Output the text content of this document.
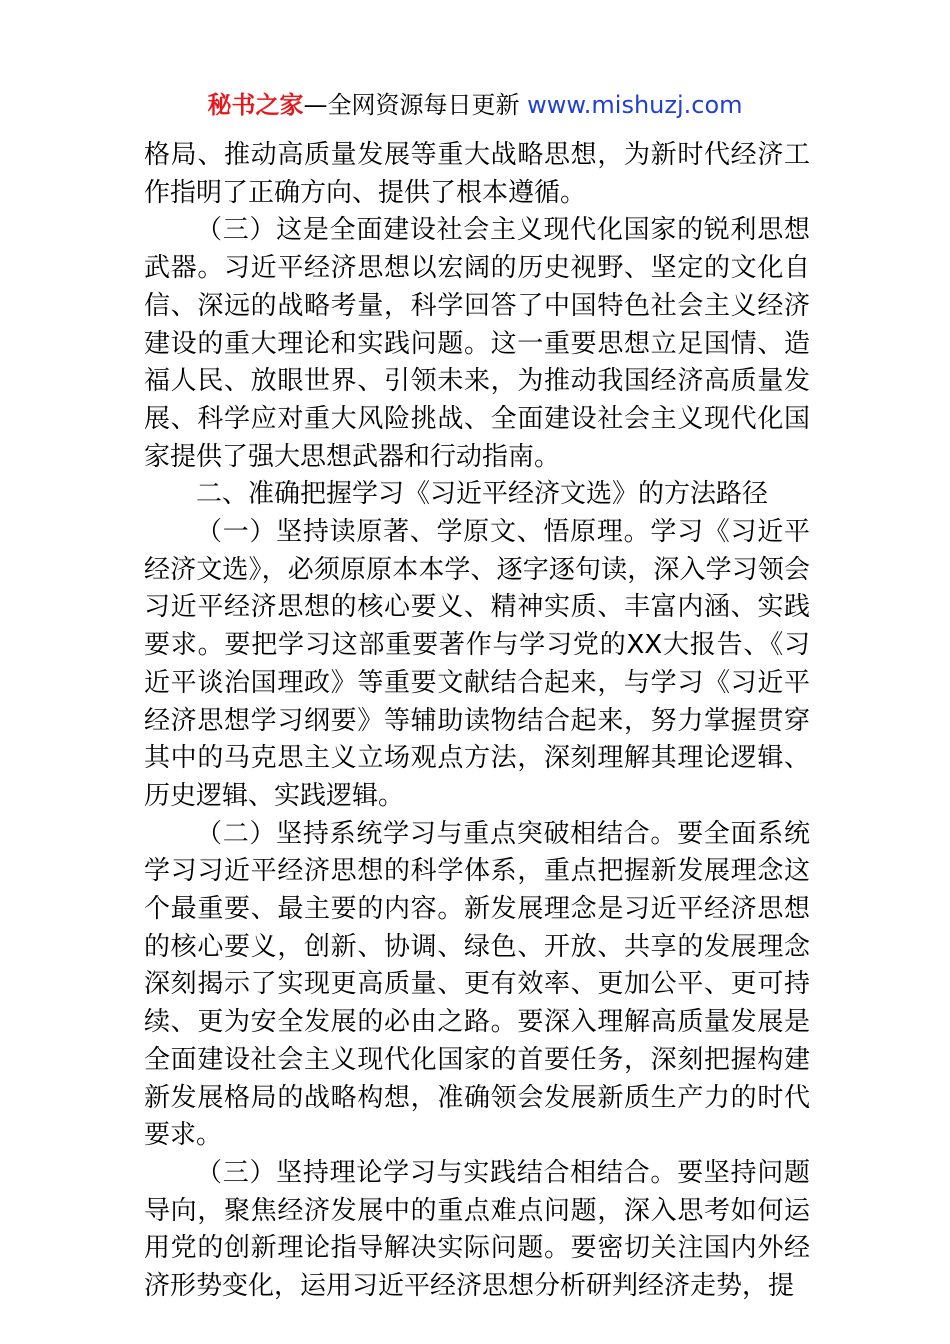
秘书之家—全网资源每日更新 www.mishuzj.com

格局、推动高质量发展等重大战略思想，为新时代经济工作指明了正确方向、提供了根本遵循。

（三）这是全面建设社会主义现代化国家的锐利思想武器。习近平经济思想以宏阔的历史视野、坚定的文化自信、深远的战略考量，科学回答了中国特色社会主义经济建设的重大理论和实践问题。这一重要思想立足国情、造福人民、放眼世界、引领未来，为推动我国经济高质量发展、科学应对重大风险挑战、全面建设社会主义现代化国家提供了强大思想武器和行动指南。

二、准确把握学习《习近平经济文选》的方法路径

（一）坚持读原著、学原文、悟原理。学习《习近平经济文选》，必须原原本本学、逐字逐句读，深入学习领会习近平经济思想的核心要义、精神实质、丰富内涵、实践要求。要把学习这部重要著作与学习党的XX大报告、《习近平谈治国理政》等重要文献结合起来，与学习《习近平经济思想学习纲要》等辅助读物结合起来，努力掌握贯穿其中的马克思主义立场观点方法，深刻理解其理论逻辑、历史逻辑、实践逻辑。

（二）坚持系统学习与重点突破相结合。要全面系统学习习近平经济思想的科学体系，重点把握新发展理念这个最重要、最主要的内容。新发展理念是习近平经济思想的核心要义，创新、协调、绿色、开放、共享的发展理念深刻揭示了实现更高质量、更有效率、更加公平、更可持续、更为安全发展的必由之路。要深入理解高质量发展是全面建设社会主义现代化国家的首要任务，深刻把握构建新发展格局的战略构想，准确领会发展新质生产力的时代要求。

（三）坚持理论学习与实践结合相结合。要坚持问题导向，聚焦经济发展中的重点难点问题，深入思考如何运用党的创新理论指导解决实际问题。要密切关注国内外经济形势变化，运用习近平经济思想分析研判经济走势，提
